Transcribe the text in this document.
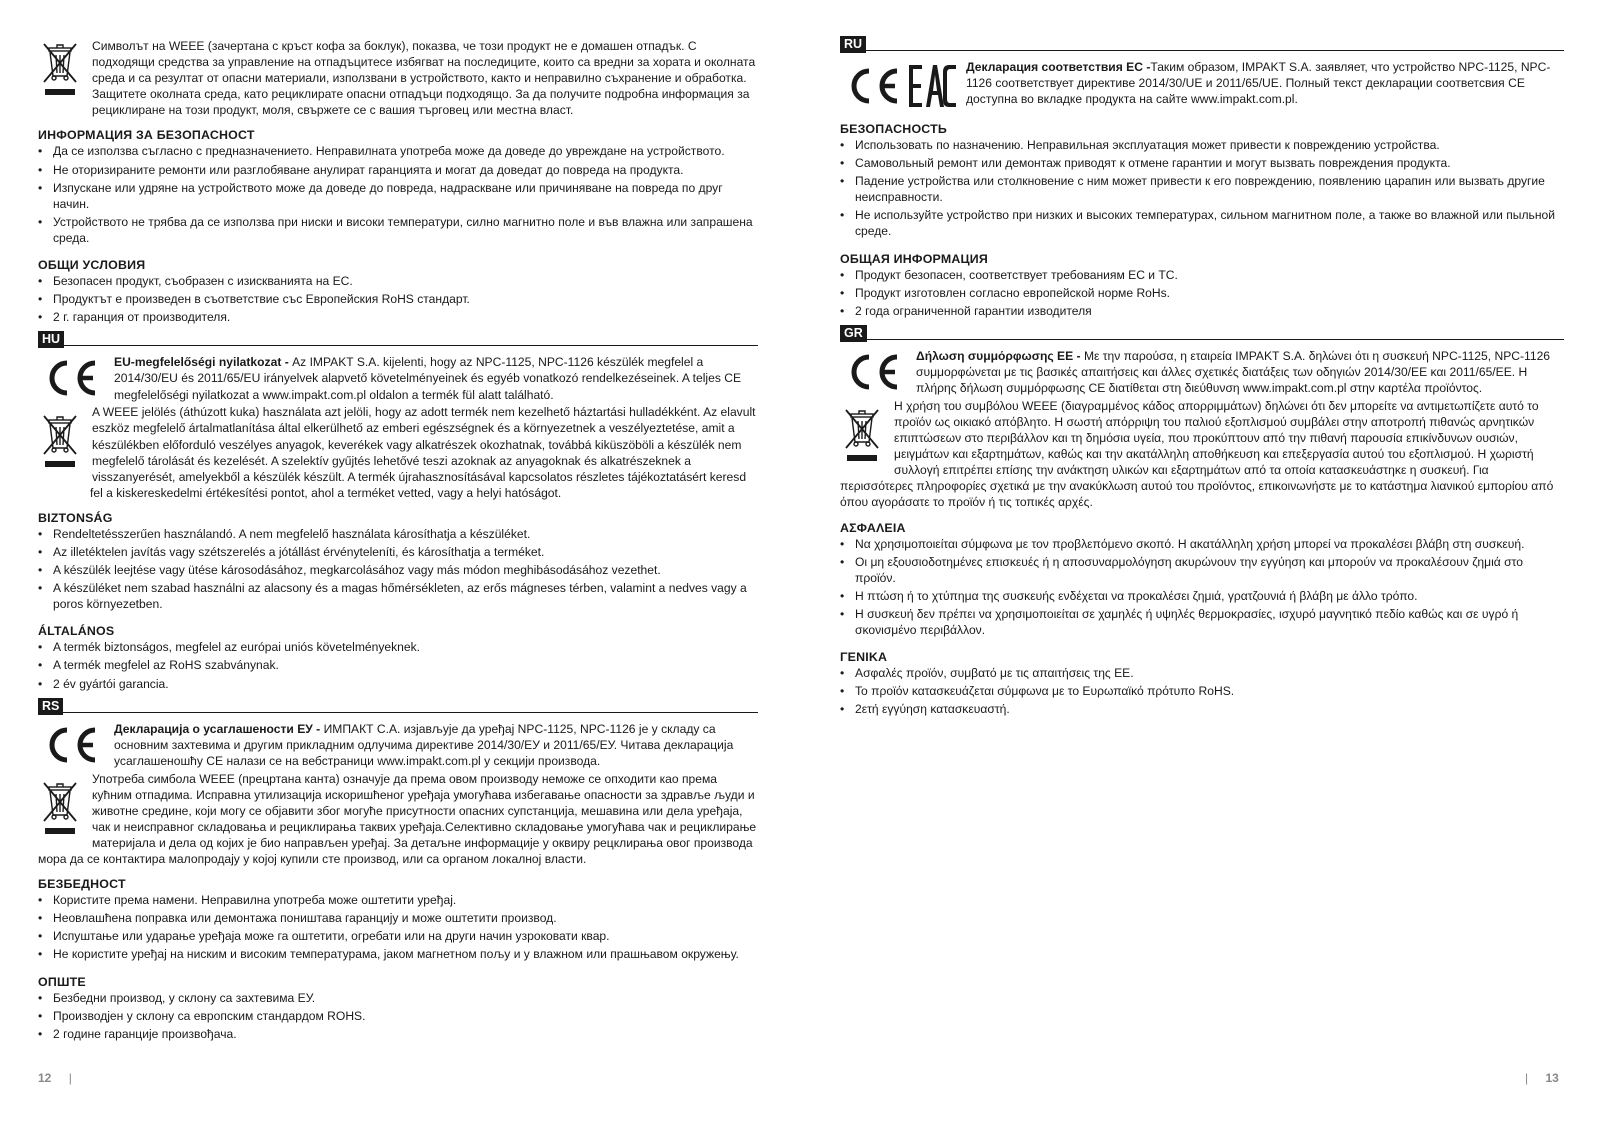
Символът на WEEE (зачертана с кръст кофа за боклук), показва, че този продукт не е домашен отпадък. С подходящи средства за управление на отпадъцитесе избягват на последиците, които са вредни за хората и околната среда и са резултат от опасни материали, използвани в устройството, както и неправилно съхранение и обработка. Защитете околната среда, като рециклирате опасни отпадъци подходящо. За да получите подробна информация за рециклиране на този продукт, моля, свържете се с вашия търговец или местна власт.

ИНФОРМАЦИЯ ЗА БЕЗОПАСНОСТ

• Да се използва съгласно с предназначението. Неправилната употреба може да доведе до увреждане на устройството.
• Не оторизираните ремонти или разглобяване анулират гаранцията и могат да доведат до повреда на продукта.
• Изпускане или удряне на устройството може да доведе до повреда, надраскване или причиняване на повреда по друг начин.
• Устройството не трябва да се използва при ниски и високи температури, силно магнитно поле и във влажна или запрашена среда.

ОБЩИ УСЛОВИЯ

• Безопасен продукт, съобразен с изискванията на ЕС.
• Продуктът е произведен в съответствие със Европейския RoHS стандарт.
• 2 г. гаранция от производителя.
HU

EU-megfelelőségi nyilatkozat - Az IMPAKT S.A. kijelenti, hogy az NPC-1125, NPC-1126 készülék megfelel a 2014/30/EU és 2011/65/EU irányelvek alapvető követelményeinek és egyéb vonatkozó rendelkezéseinek. A teljes CE megfelelőségi nyilatkozat a www.impakt.com.pl oldalon a termék fül alatt található.

A WEEE jelölés (áthúzott kuka) használata azt jelöli, hogy az adott termék nem kezelhető háztartási hulladékként. Az elavult eszköz megfelelő ártalmatlanítása által elkerülhető az emberi egészségnek és a környezetnek a veszélyeztetése, amit a készülékben előforduló veszélyes anyagok, keverékek vagy alkatrészek okozhatnak, továbbá kiküszöböli a készülék nem megfelelő tárolását és kezelését. A szelektív gyűjtés lehetővé teszi azoknak az anyagoknak és alkatrészeknek a visszanyerését, amelyekből a készülék készült. A termék újrahasznosításával kapcsolatos részletes tájékoztatásért keresd fel a kiskereskedelmi értékesítési pontot, ahol a terméket vetted, vagy a helyi hatóságot.

BIZTONSÁG

• Rendeltetésszerűen használandó. A nem megfelelő használata károsíthatja a készüléket.
• Az illetéktelen javítás vagy szétszerelés a jótállást érvényteleníti, és károsíthatja a terméket.
• A készülék leejtése vagy ütése károsodásához, megkarcolásához vagy más módon meghibásodásához vezethet.
• A készüléket nem szabad használni az alacsony és a magas hőmérsékleten, az erős mágneses térben, valamint a nedves vagy a poros környezetben.

ÁLTALÁNOS

• A termék biztonságos, megfelel az európai uniós követelményeknek.
• A termék megfelel az RoHS szabványnak.
• 2 év gyártói garancia.
RS

Декларација о усаглашености ЕУ - ИМПАКТ С.А. изјављује да уређај NPC-1125, NPC-1126 је у складу са основним захтевима и другим прикладним одлучима директиве 2014/30/ЕУ и 2011/65/ЕУ. Читава декларација усаглашеношћу CE налази се на вебстраници www.impakt.com.pl у секцији производа.

Употреба симбола WEEE (прецртана канта) означује да према овом производу неможе се опходити као према кућним отпадима. Исправна утилизација искоришћеног уређаја умогућава избегавање опасности за здравље људи и животне средине, који могу се објавити због могуће присутности опасних супстанција, мешавина или дела уређаја, чак и неисправног складовања и рециклирања таквих уређаја.Селективно складовање умогућава чак и рециклирање материјала и дела од којих је био направљен уређај. За детаљне информације у оквиру рецклирања овог производа мора да се контактира малопродају у којој купили сте производ, или са органом локалној власти.

БЕЗБЕДНОСТ

• Користите према намени. Неправилна употреба може оштетити уређај.
• Неовлашћена поправка или демонтажа поништава гаранцију и може оштетити производ.
• Испуштање или ударање уређаја може га оштетити, огребати или на други начин узроковати квар.
• Не користите уређај на ниским и високим температурама, јаком магнетном пољу и у влажном или прашњавом окружењу.

ОПШТЕ

• Безбедни производ, у склону са захтевима ЕУ.
• Производјен у склону са европским стандардом ROHS.
• 2 године гаранције произвођача.
12 |
RU

Декларация соответствия ЕС -Таким образом, IMPAKT S.A. заявляет, что устройство NPC-1125, NPC-1126 соответствует директиве 2014/30/UE и 2011/65/UE. Полный текст декларации соответсвия CE доступна во вкладке продукта на сайте www.impakt.com.pl.

БЕЗОПАСНОСТЬ

• Использовать по назначению. Неправильная эксплуатация может привести к повреждению устройства.
• Самовольный ремонт или демонтаж приводят к отмене гарантии и могут вызвать повреждения продукта.
• Падение устройства или столкновение с ним может привести к его повреждению, появлению царапин или вызвать другие неисправности.
• Не используйте устройство при низких и высоких температурах, сильном магнитном поле, а также во влажной или пыльной среде.

ОБЩАЯ ИНФОРМАЦИЯ

• Продукт безопасен, соответствует требованиям ЕС и ТС.
• Продукт изготовлен согласно европейской норме RoHs.
• 2 года ограниченной гарантии изводителя
GR

Δήλωση συμμόρφωσης ΕΕ - Με την παρούσα, η εταιρεία IMPAKT S.A. δηλώνει ότι η συσκευή NPC-1125, NPC-1126 συμμορφώνεται με τις βασικές απαιτήσεις και άλλες σχετικές διατάξεις των οδηγιών 2014/30/EE και 2011/65/EE. Η πλήρης δήλωση συμμόρφωσης CE διατίθεται στη διεύθυνση www.impakt.com.pl στην καρτέλα προϊόντος.

Η χρήση του συμβόλου WEEE (διαγραμμένος κάδος απορριμμάτων) δηλώνει ότι δεν μπορείτε να αντιμετωπίζετε αυτό το προϊόν ως οικιακό απόβλητο. Η σωστή απόρριψη του παλιού εξοπλισμού συμβάλει στην αποτροπή πιθανώς αρνητικών επιπτώσεων στο περιβάλλον και τη δημόσια υγεία, που προκύπτουν από την πιθανή παρουσία επικίνδυνων ουσιών, μειγμάτων και εξαρτημάτων, καθώς και την ακατάλληλη αποθήκευση και επεξεργασία αυτού του εξοπλισμού. Η χωριστή συλλογή επιτρέπει επίσης την ανάκτηση υλικών και εξαρτημάτων από τα οποία κατασκευάστηκε η συσκευή. Για περισσότερες πληροφορίες σχετικά με την ανακύκλωση αυτού του προϊόντος, επικοινωνήστε με το κατάστημα λιανικού εμπορίου από όπου αγοράσατε το προϊόν ή τις τοπικές αρχές.

ΑΣΦΑΛΕΙΑ

• Να χρησιμοποιείται σύμφωνα με τον προβλεπόμενο σκοπό. Η ακατάλληλη χρήση μπορεί να προκαλέσει βλάβη στη συσκευή.
• Οι μη εξουσιοδοτημένες επισκευές ή η αποσυναρμολόγηση ακυρώνουν την εγγύηση και μπορούν να προκαλέσουν ζημιά στο προϊόν.
• Η πτώση ή το χτύπημα της συσκευής ενδέχεται να προκαλέσει ζημιά, γρατζουνιά ή βλάβη με άλλο τρόπο.
• Η συσκευή δεν πρέπει να χρησιμοποιείται σε χαμηλές ή υψηλές θερμοκρασίες, ισχυρό μαγνητικό πεδίο καθώς και σε υγρό ή σκονισμένο περιβάλλον.

ΓΕΝΙΚΑ

• Ασφαλές προϊόν, συμβατό με τις απαιτήσεις της ΕΕ.
• Το προϊόν κατασκευάζεται σύμφωνα με το Ευρωπαϊκό πρότυπο RoHS.
• 2ετή εγγύηση κατασκευαστή.
| 13
